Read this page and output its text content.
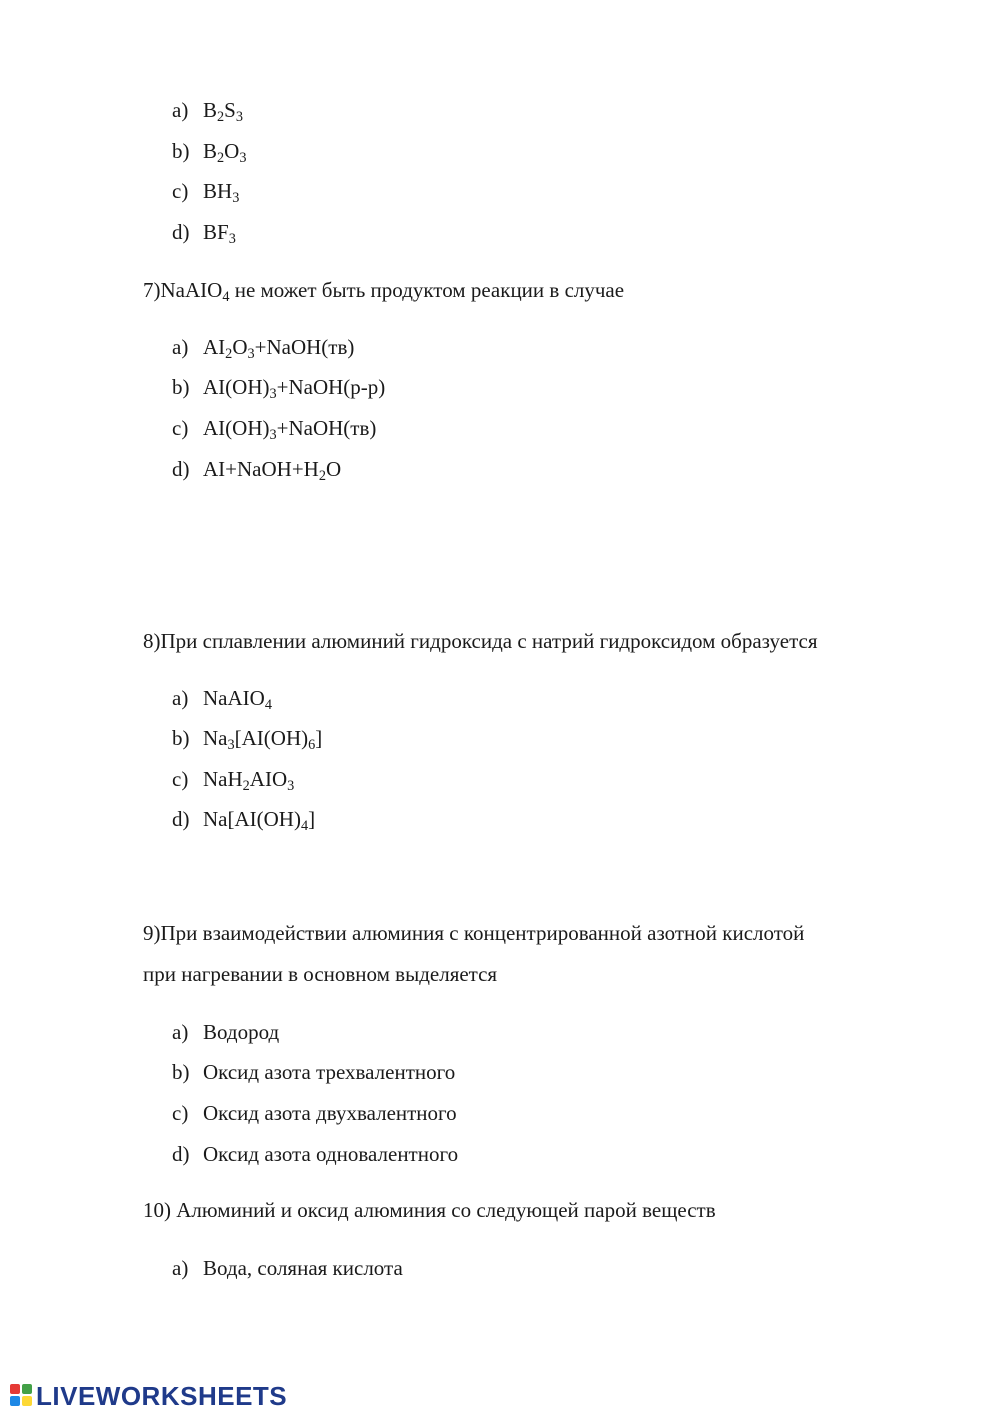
a) $B_2S_3$
b) $B_2O_3$
c) $BH_3$
d) $BF_3$
7)NaAIO$_4$ не может быть продуктом реакции в случае
a) $AI_2O_3+NaOH(тв)$
b) $AI(OH)_3+NaOH(р-р)$
c) $AI(OH)_3+NaOH(тв)$
d) $AI+NaOH+H_2O$
8)При сплавлении алюминий гидроксида с натрий гидроксидом образуется
a) NaAIO$_4$
b) $Na_3[AI(OH)_6]$
c) $NaH_2AIO_3$
d) $Na[AI(OH)_4]$
9)При взаимодействии алюминия с концентрированной азотной кислотой
при нагревании в основном выделяется
a) Водород
b) Оксид азота трехвалентного
c) Оксид азота двухвалентного
d) Оксид азота одновалентного
10) Алюминий и оксид алюминия со следующей парой веществ
a) Вода, соляная кислота
LIVEWORKSHEETS
